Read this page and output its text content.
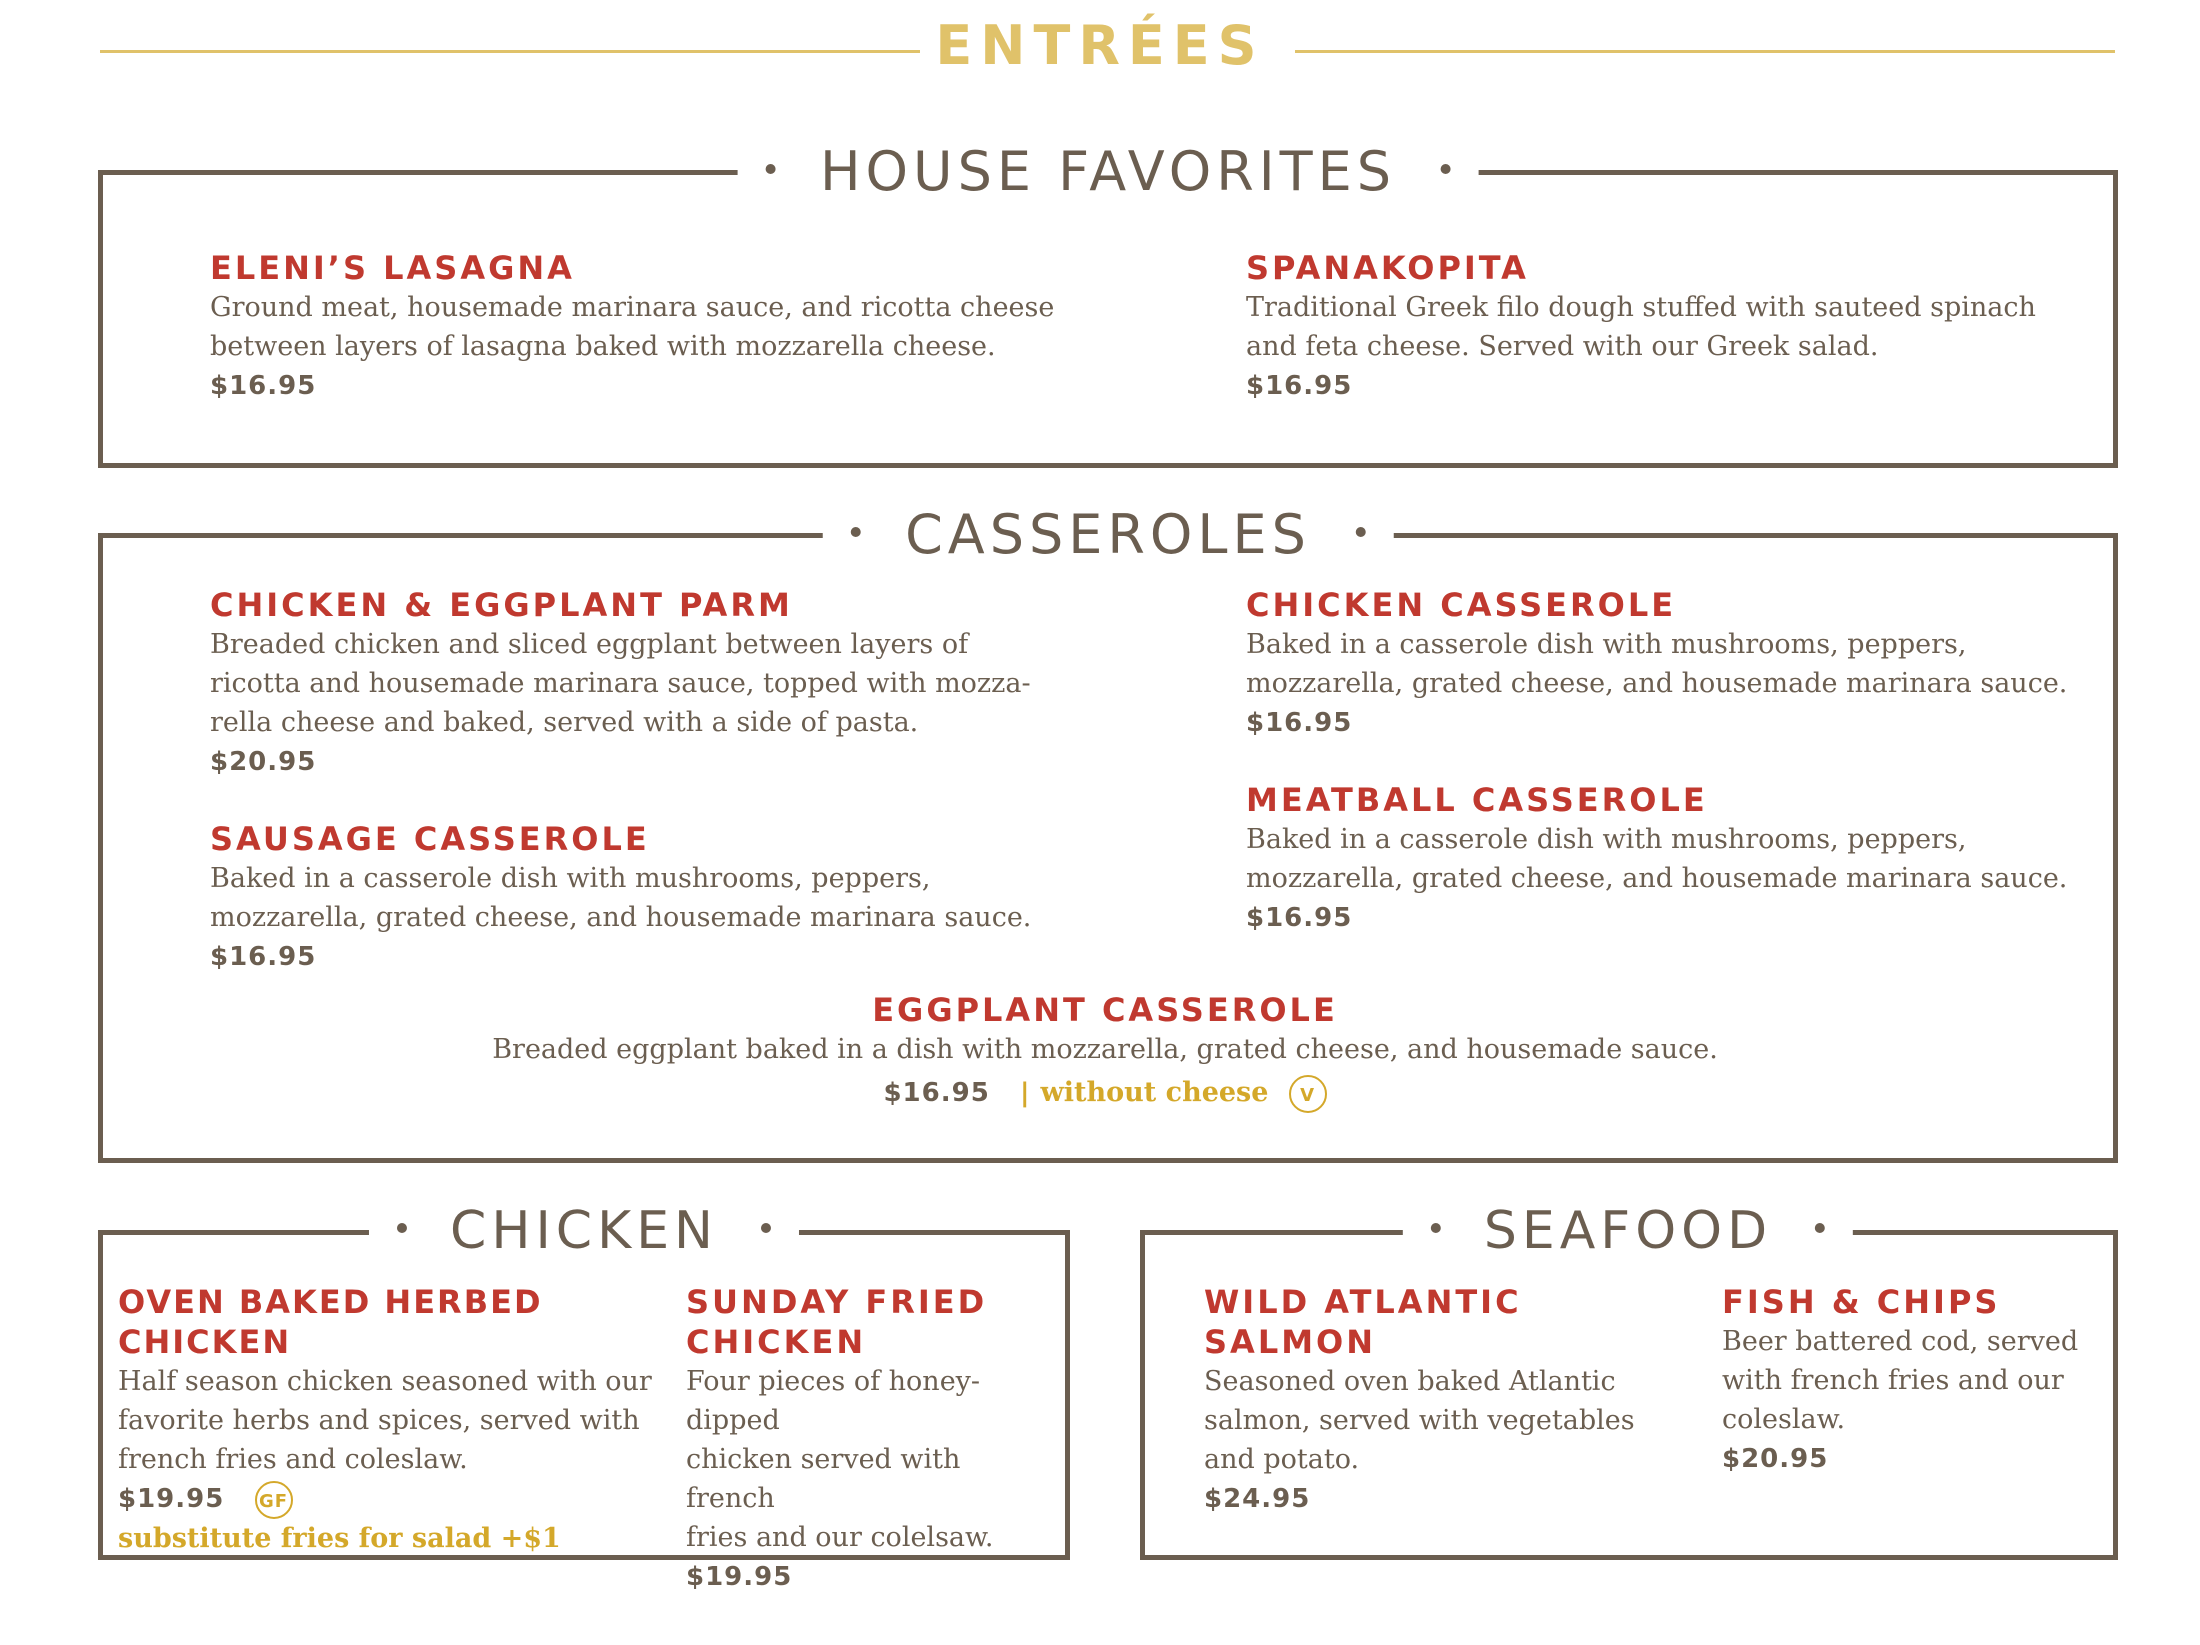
ENTRÉES
HOUSE FAVORITES
ELENI’S LASAGNA
Ground meat, housemade marinara sauce, and ricotta cheese
between layers of lasagna baked with mozzarella cheese.
$16.95
SPANAKOPITA
Traditional Greek filo dough stuffed with sauteed spinach
and feta cheese. Served with our Greek salad.
$16.95
CASSEROLES
CHICKEN & EGGPLANT PARM
Breaded chicken and sliced eggplant between layers of
ricotta and housemade marinara sauce, topped with mozza-
rella cheese and baked, served with a side of pasta.
$20.95
CHICKEN CASSEROLE
Baked in a casserole dish with mushrooms, peppers,
mozzarella, grated cheese, and housemade marinara sauce.
$16.95
SAUSAGE CASSEROLE
Baked in a casserole dish with mushrooms, peppers,
mozzarella, grated cheese, and housemade marinara sauce.
$16.95
MEATBALL CASSEROLE
Baked in a casserole dish with mushrooms, peppers,
mozzarella, grated cheese, and housemade marinara sauce.
$16.95
EGGPLANT CASSEROLE
Breaded eggplant baked in a dish with mozzarella, grated cheese, and housemade sauce.
$16.95 | without cheese V
CHICKEN
OVEN BAKED HERBED CHICKEN
Half season chicken seasoned with our
favorite herbs and spices, served with
french fries and coleslaw.
$19.95 GF
substitute fries for salad +$1
SUNDAY FRIED
CHICKEN
Four pieces of honey-dipped
chicken served with french
fries and our colelsaw.
$19.95
SEAFOOD
WILD ATLANTIC SALMON
Seasoned oven baked Atlantic
salmon, served with vegetables
and potato.
$24.95
FISH & CHIPS
Beer battered cod, served
with french fries and our
coleslaw.
$20.95
